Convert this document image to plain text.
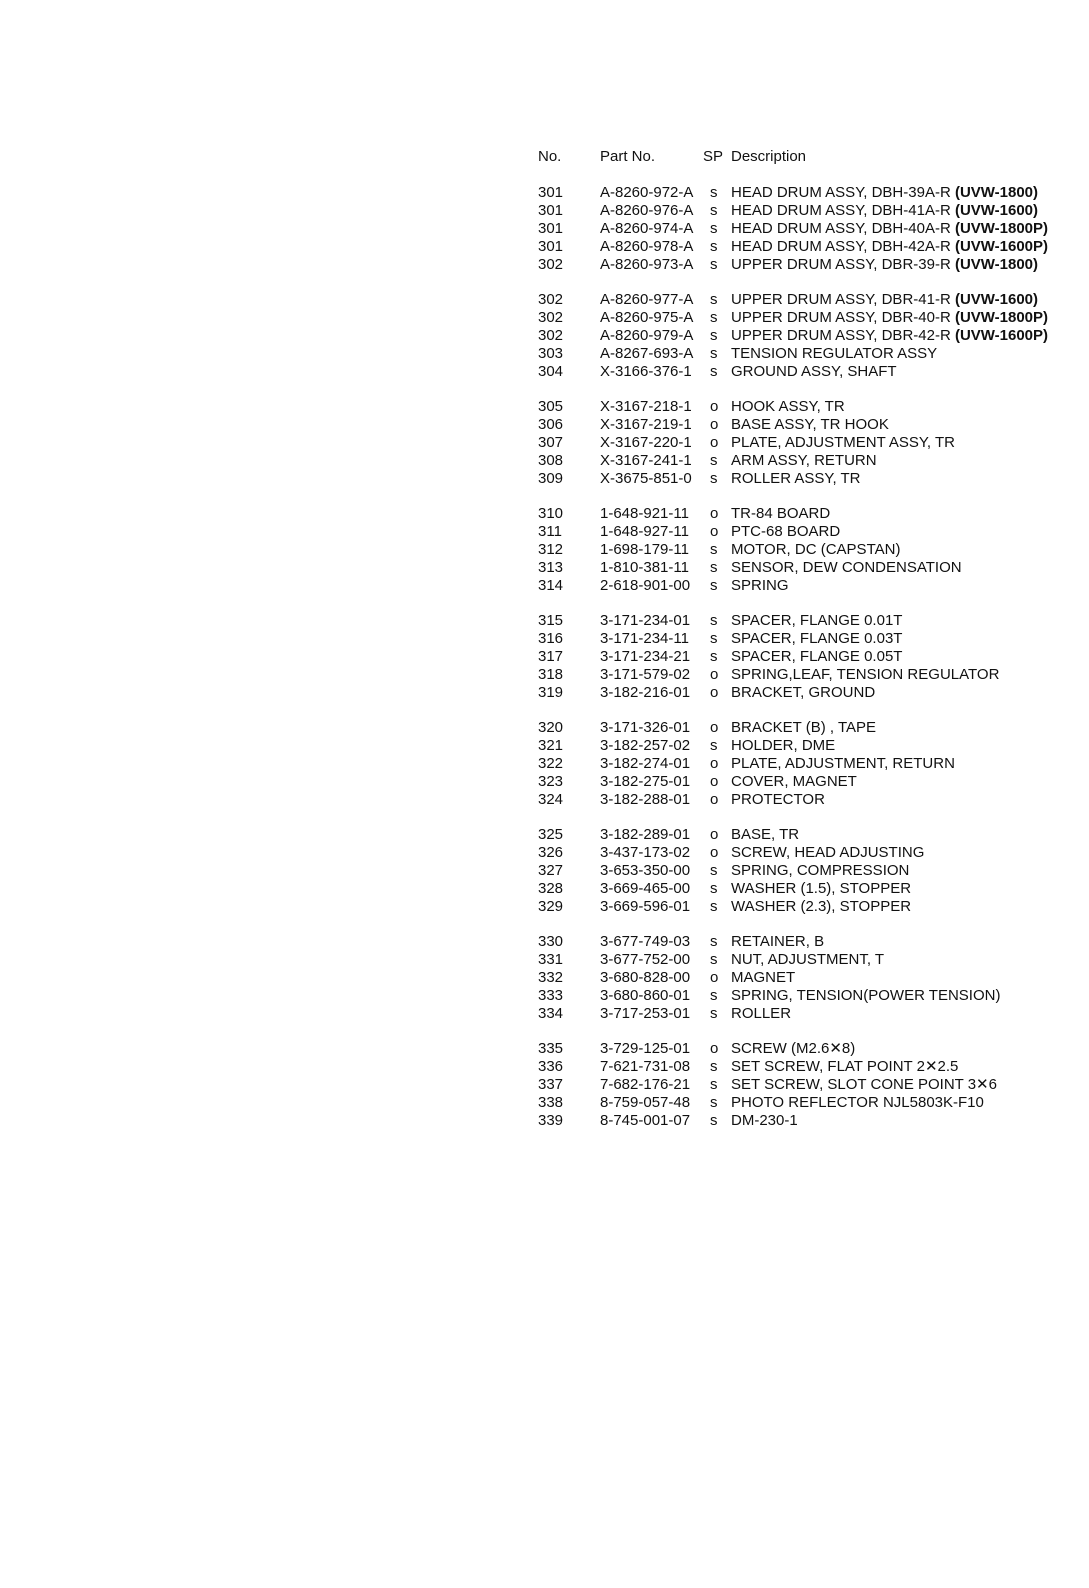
No.	Part No.	SP Description
301 A-8260-972-A s HEAD DRUM ASSY, DBH-39A-R (UVW-1800)
301 A-8260-976-A s HEAD DRUM ASSY, DBH-41A-R (UVW-1600)
301 A-8260-974-A s HEAD DRUM ASSY, DBH-40A-R (UVW-1800P)
301 A-8260-978-A s HEAD DRUM ASSY, DBH-42A-R (UVW-1600P)
302 A-8260-973-A s UPPER DRUM ASSY, DBR-39-R (UVW-1800)
302 A-8260-977-A s UPPER DRUM ASSY, DBR-41-R (UVW-1600)
302 A-8260-975-A s UPPER DRUM ASSY, DBR-40-R (UVW-1800P)
302 A-8260-979-A s UPPER DRUM ASSY, DBR-42-R (UVW-1600P)
303 A-8267-693-A s TENSION REGULATOR ASSY
304 X-3166-376-1 s GROUND ASSY, SHAFT
305 X-3167-218-1 o HOOK ASSY, TR
306 X-3167-219-1 o BASE ASSY, TR HOOK
307 X-3167-220-1 o PLATE, ADJUSTMENT ASSY, TR
308 X-3167-241-1 s ARM ASSY, RETURN
309 X-3675-851-0 s ROLLER ASSY, TR
310 1-648-921-11 o TR-84 BOARD
311	1-648-927-11 o PTC-68 BOARD
312 1-698-179-11 s MOTOR, DC (CAPSTAN)
313 1-810-381-11 s SENSOR, DEW CONDENSATION
314 2-618-901-00 s SPRING
315 3-171-234-01 s SPACER, FLANGE 0.01T
316 3-171-234-11 s SPACER, FLANGE 0.03T
317 3-171-234-21 s SPACER, FLANGE 0.05T
318 3-171-579-02 o SPRING,LEAF, TENSION REGULATOR
319 3-182-216-01 o BRACKET, GROUND
320 3-171-326-01 o BRACKET (B) , TAPE
321 3-182-257-02 s HOLDER, DME
322 3-182-274-01 o PLATE, ADJUSTMENT, RETURN
323 3-182-275-01 o COVER, MAGNET
324 3-182-288-01 o PROTECTOR
325 3-182-289-01 o BASE, TR
326 3-437-173-02 o SCREW, HEAD ADJUSTING
327 3-653-350-00 s SPRING, COMPRESSION
328 3-669-465-00 s WASHER (1.5), STOPPER
329 3-669-596-01 s WASHER (2.3), STOPPER
330 3-677-749-03 s RETAINER, B
331 3-677-752-00 s NUT, ADJUSTMENT, T
332 3-680-828-00 o MAGNET
333 3-680-860-01 s SPRING, TENSION(POWER TENSION)
334 3-717-253-01 s ROLLER
335 3-729-125-01 o SCREW (M2.6✕8)
336 7-621-731-08 s SET SCREW, FLAT POINT 2✕2.5
337 7-682-176-21 s SET SCREW, SLOT CONE POINT 3✕6
338 8-759-057-48 s PHOTO REFLECTOR NJL5803K-F10
339 8-745-001-07 s DM-230-1
